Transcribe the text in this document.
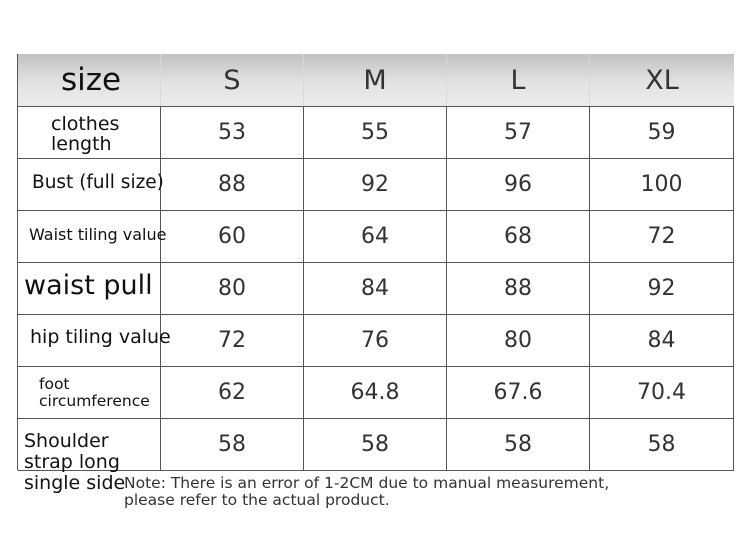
size	S	M	L	XL
clothes
length	53	55	57	59
Bust (full size)	88	92	96	100
Waist tiling value	60	64	68	72
waist pull	80	84	88	92
hip tiling value	72	76	80	84
foot
circumference	62	64.8	67.6	70.4
Shoulder
strap long
single side
58	58	58	58
Note: There is an error of 1-2CM due to manual measurement,
please refer to the actual product.
